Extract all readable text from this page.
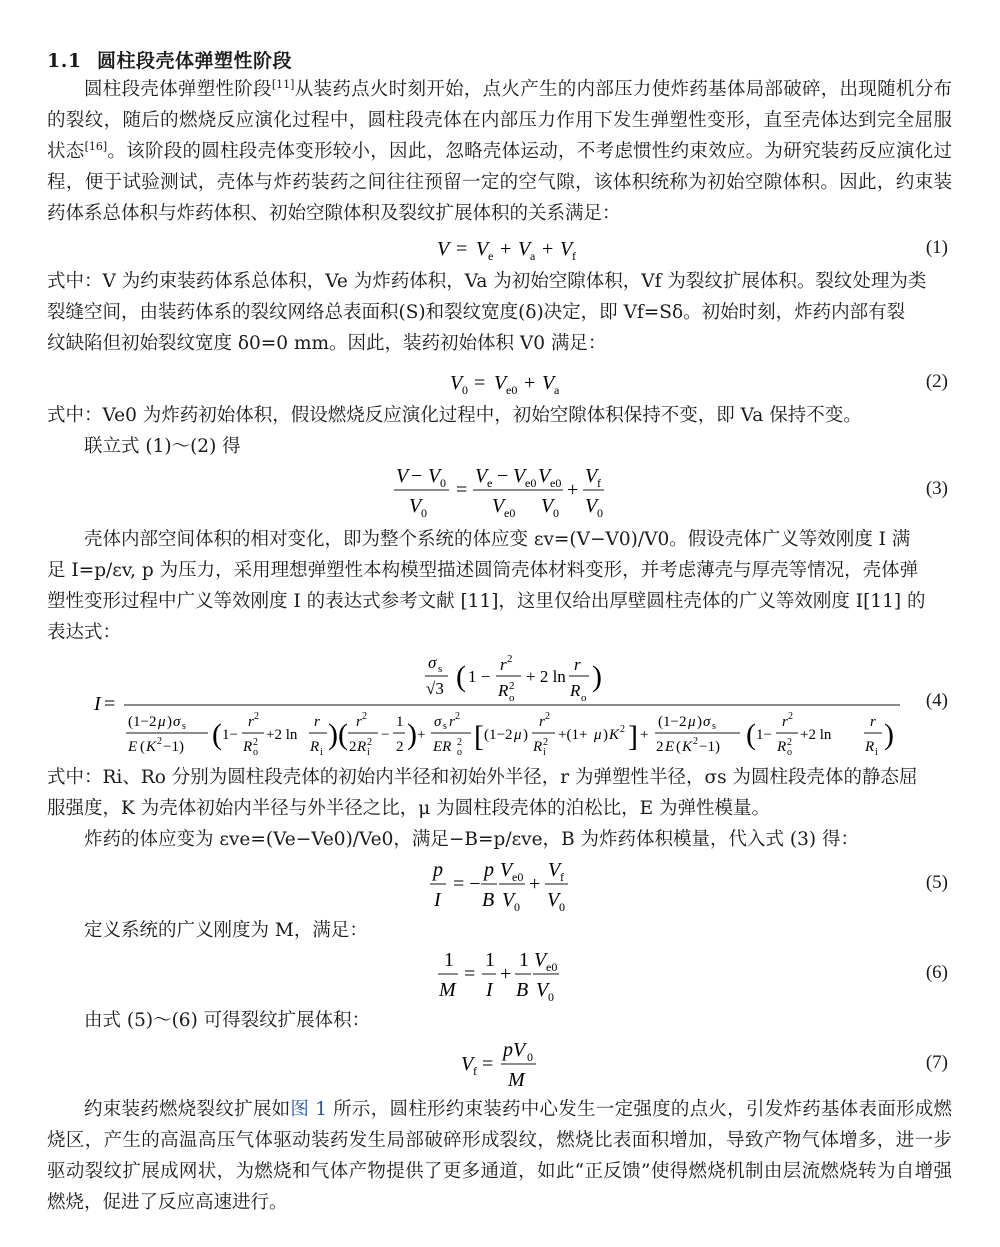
1.1 圆柱段壳体弹塑性阶段
圆柱段壳体弹塑性阶段[11]从装药点火时刻开始，点火产生的内部压力使炸药基体局部破碎，出现随机分布的裂纹，随后的燃烧反应演化过程中，圆柱段壳体在内部压力作用下发生弹塑性变形，直至壳体达到完全屈服状态[16]。该阶段的圆柱段壳体变形较小，因此，忽略壳体运动，不考虑惯性约束效应。为研究装药反应演化过程，便于试验测试，壳体与炸药装药之间往往预留一定的空气隙，该体积统称为初始空隙体积。因此，约束装药体系总体积与炸药体积、初始空隙体积及裂纹扩展体积的关系满足：
V = V e + V a + V f	(1)
式中：V 为约束装药体系总体积，Ve 为炸药体积，Va 为初始空隙体积，Vf 为裂纹扩展体积。裂纹处理为类
裂缝空间，由装药体系的裂纹网络总表面积(S)和裂纹宽度(δ)决定，即 Vf=Sδ。初始时刻，炸药内部有裂
纹缺陷但初始裂纹宽度 δ0=0 mm。因此，装药初始体积 V0 满足：
V 0 = V e0 + V a	(2)
式中：Ve0 为炸药初始体积，假设燃烧反应演化过程中，初始空隙体积保持不变，即 Va 保持不变。
联立式 (1)～(2) 得
V − V 0
V 0
=
V e − V e0
V e0
V e0
V 0
+
V f
V 0
(3)
壳体内部空间体积的相对变化，即为整个系统的体应变 εv=(V−V0)/V0。假设壳体广义等效刚度 I 满
足 I=p/εv, p 为压力，采用理想弹塑性本构模型描述圆筒壳体材料变形，并考虑薄壳与厚壳等情况，壳体弹
塑性变形过程中广义等效刚度 I 的表达式参考文献 [11]，这里仅给出厚壁圆柱壳体的广义等效刚度 I[11] 的
表达式：
σ s
√3 ( 1 −
r 2
R 2
o
+ 2 ln
r
R o
)
I =
(1−2 μ ) σ s
E ( K 2 −1) ( 1−
r 2
R 2
o
+2 ln
r
R i
) ( r 2
2 R 2
i
−
1
2 ) +
σ s r 2
ER 2
o [ (1−2 μ )
r 2
R 2
i
+(1+ μ ) K 2 ] +
(1−2 μ ) σ s
2 E ( K 2 −1) ( 1−
r 2
R 2
o
+2 ln
r
R i
)
(4)
式中：Ri、Ro 分别为圆柱段壳体的初始内半径和初始外半径，r 为弹塑性半径，σs 为圆柱段壳体的静态屈
服强度，K 为壳体初始内半径与外半径之比，μ 为圆柱段壳体的泊松比，E 为弹性模量。
炸药的体应变为 εve=(Ve−Ve0)/Ve0，满足−B=p/εve，B 为炸药体积模量，代入式 (3) 得：
p
I
= −
p
B
V e0
V 0
+
V f
V 0
(5)
定义系统的广义刚度为 M，满足：
1
M
=
1
I
+
1
B
V e0
V 0
(6)
由式 (5)～(6) 可得裂纹扩展体积：
V f =
pV 0
M
(7)
约束装药燃烧裂纹扩展如图 1 所示，圆柱形约束装药中心发生一定强度的点火，引发炸药基体表面形成燃烧区，产生的高温高压气体驱动装药发生局部破碎形成裂纹，燃烧比表面积增加，导致产物气体增多，进一步驱动裂纹扩展成网状，为燃烧和气体产物提供了更多通道，如此“正反馈”使得燃烧机制由层流燃烧转为自增强燃烧，促进了反应高速进行。
